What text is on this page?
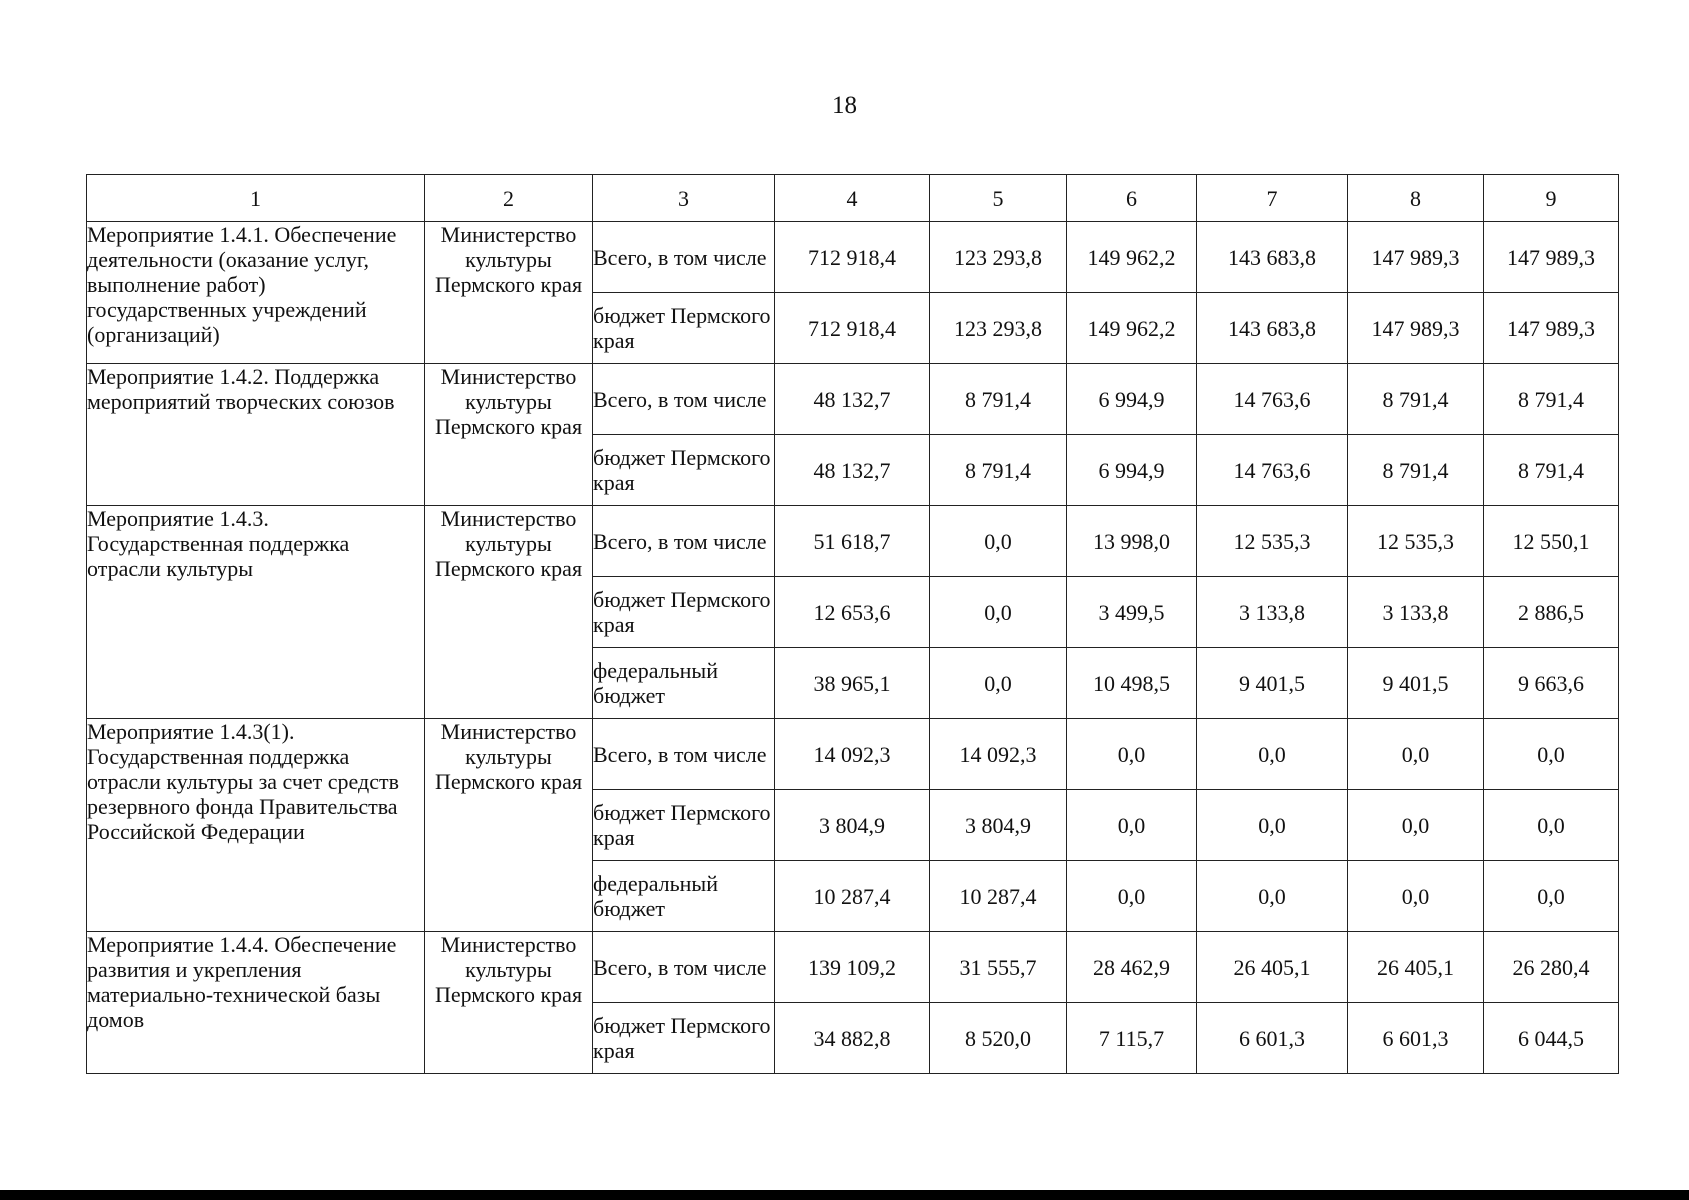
18
1	2	3	4	5	6	7	8	9
Мероприятие 1.4.1. Обеспечение деятельности (оказание услуг, выполнение работ) государственных учреждений (организаций)	Министерство культуры Пермского края	Всего, в том числе	712 918,4	123 293,8	149 962,2	143 683,8	147 989,3	147 989,3
		бюджет Пермского края	712 918,4	123 293,8	149 962,2	143 683,8	147 989,3	147 989,3
Мероприятие 1.4.2. Поддержка мероприятий творческих союзов	Министерство культуры Пермского края	Всего, в том числе	48 132,7	8 791,4	6 994,9	14 763,6	8 791,4	8 791,4
		бюджет Пермского края	48 132,7	8 791,4	6 994,9	14 763,6	8 791,4	8 791,4
Мероприятие 1.4.3. Государственная поддержка отрасли культуры	Министерство культуры Пермского края	Всего, в том числе	51 618,7	0,0	13 998,0	12 535,3	12 535,3	12 550,1
		бюджет Пермского края	12 653,6	0,0	3 499,5	3 133,8	3 133,8	2 886,5
		федеральный бюджет	38 965,1	0,0	10 498,5	9 401,5	9 401,5	9 663,6
Мероприятие 1.4.3(1). Государственная поддержка отрасли культуры за счет средств резервного фонда Правительства Российской Федерации	Министерство культуры Пермского края	Всего, в том числе	14 092,3	14 092,3	0,0	0,0	0,0	0,0
		бюджет Пермского края	3 804,9	3 804,9	0,0	0,0	0,0	0,0
		федеральный бюджет	10 287,4	10 287,4	0,0	0,0	0,0	0,0
Мероприятие 1.4.4. Обеспечение развития и укрепления материально-технической базы домов	Министерство культуры Пермского края	Всего, в том числе	139 109,2	31 555,7	28 462,9	26 405,1	26 405,1	26 280,4
		бюджет Пермского края	34 882,8	8 520,0	7 115,7	6 601,3	6 601,3	6 044,5
